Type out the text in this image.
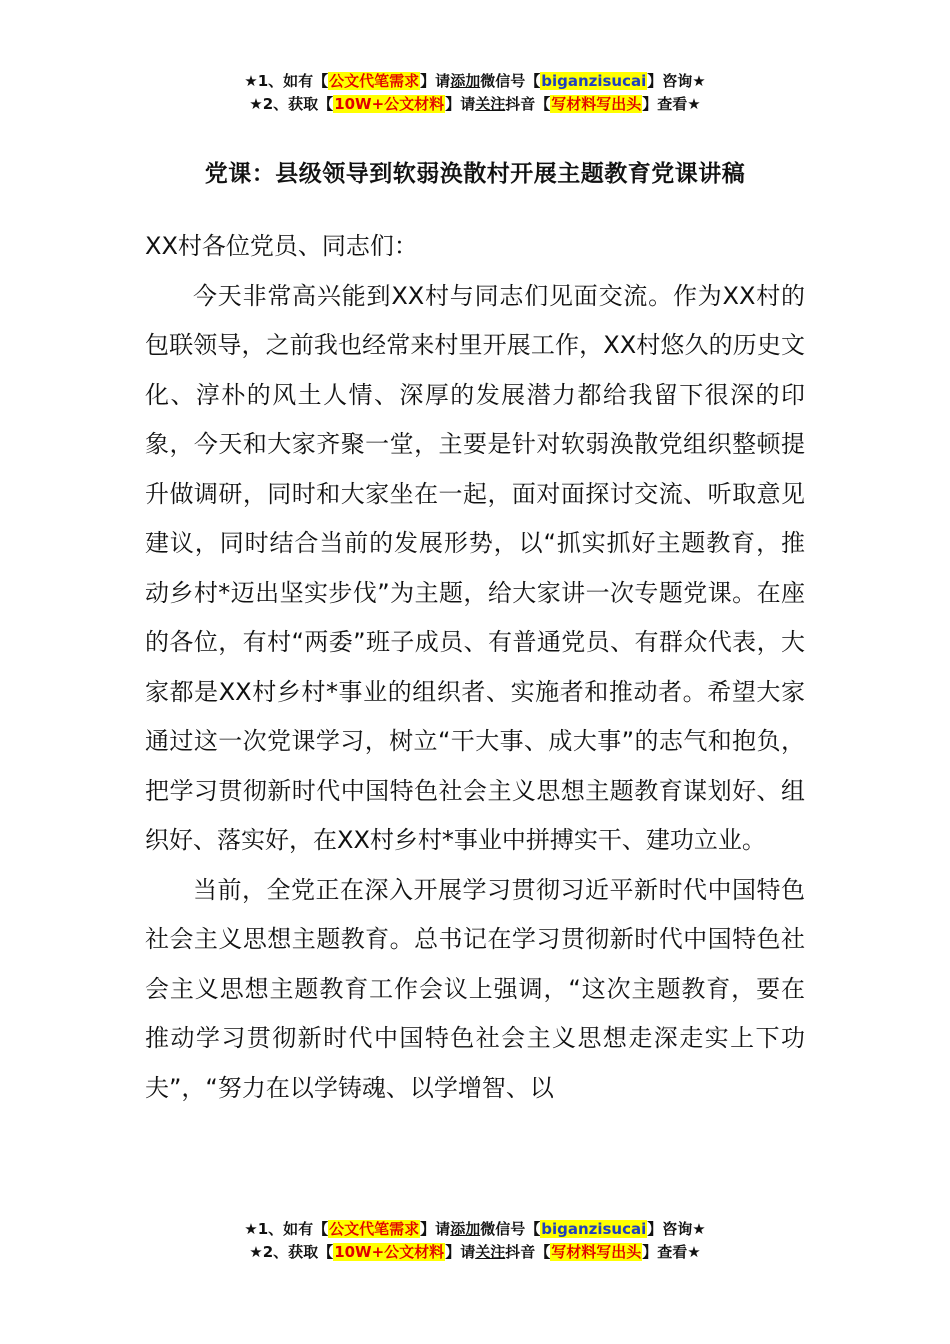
★1、如有【公文代笔需求】请添加微信号【biganzisucai】咨询★
★2、获取【10W+公文材料】请关注抖音【写材料写出头】查看★
党课：县级领导到软弱涣散村开展主题教育党课讲稿

XX村各位党员、同志们：

今天非常高兴能到XX村与同志们见面交流。作为XX村的包联领导，之前我也经常来村里开展工作，XX村悠久的历史文化、淳朴的风土人情、深厚的发展潜力都给我留下很深的印象，今天和大家齐聚一堂，主要是针对软弱涣散党组织整顿提升做调研，同时和大家坐在一起，面对面探讨交流、听取意见建议，同时结合当前的发展形势，以“抓实抓好主题教育，推动乡村*迈出坚实步伐”为主题，给大家讲一次专题党课。在座的各位，有村“两委”班子成员、有普通党员、有群众代表，大家都是XX村乡村*事业的组织者、实施者和推动者。希望大家通过这一次党课学习，树立“干大事、成大事”的志气和抱负，把学习贯彻新时代中国特色社会主义思想主题教育谋划好、组织好、落实好，在XX村乡村*事业中拼搏实干、建功立业。

当前，全党正在深入开展学习贯彻习近平新时代中国特色社会主义思想主题教育。总书记在学习贯彻新时代中国特色社会主义思想主题教育工作会议上强调，“这次主题教育，要在推动学习贯彻新时代中国特色社会主义思想走深走实上下功夫”，“努力在以学铸魂、以学增智、以

★1、如有【公文代笔需求】请添加微信号【biganzisucai】咨询★
★2、获取【10W+公文材料】请关注抖音【写材料写出头】查看★
